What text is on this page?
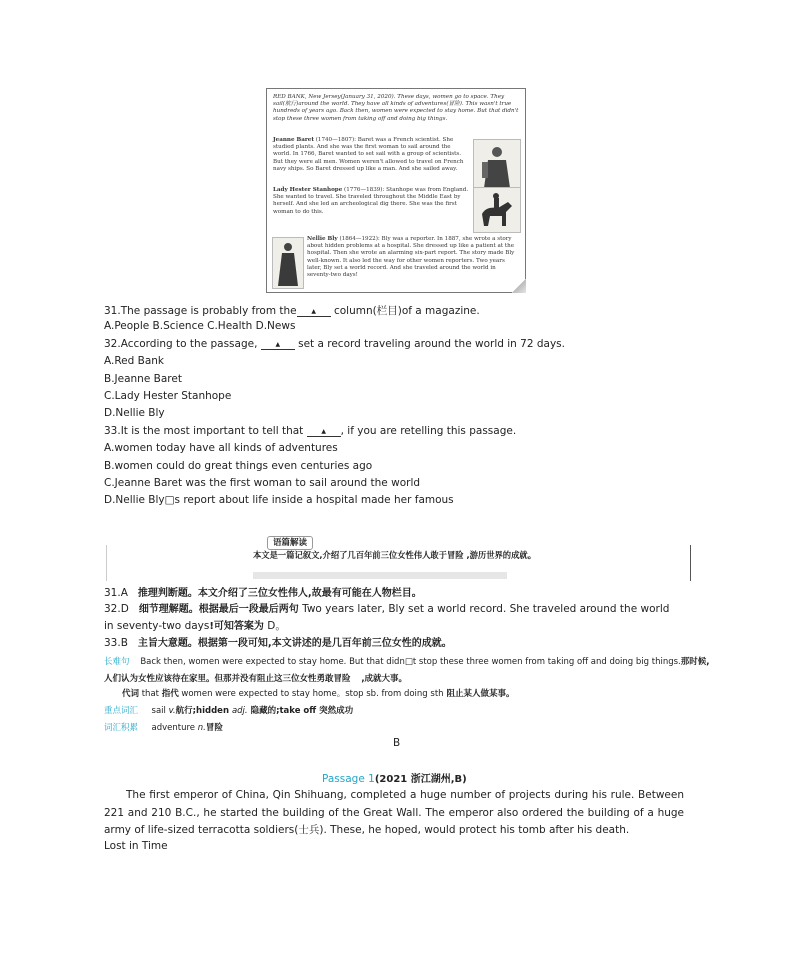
RED BANK, New Jersey(January 31, 2020). These days, women go to space. They sail(航行)around the world. They have all kinds of adventures(冒险). This wasn't true hundreds of years ago. Back then, women were expected to stay home. But that didn't stop these three women from taking off and doing big things.
Jeanne Baret (1740—1807): Baret was a French scientist. She studied plants. And she was the first woman to sail around the world. In 1766, Baret wanted to set sail with a group of scientists. But they were all men. Women weren't allowed to travel on French navy ships. So Baret dressed up like a man. And she sailed away.
Lady Hester Stanhope (1776—1839): Stanhope was from England. She wanted to travel. She traveled throughout the Middle East by herself. And she led an archeological dig there. She was the first woman to do this.
Nellie Bly (1864—1922): Bly was a reporter. In 1887, she wrote a story about hidden problems at a hospital. She dressed up like a patient at the hospital. Then she wrote an alarming six-part report. The story made Bly well-known. It also led the way for other women reporters. Two years later, Bly set a world record. And she traveled around the world in seventy-two days!
31.The passage is probably from the ▲ column(栏目)of a magazine.
A.People B.Science C.Health D.News
32.According to the passage, ▲ set a record traveling around the world in 72 days.
A.Red Bank
B.Jeanne Baret
C.Lady Hester Stanhope
D.Nellie Bly
33.It is the most important to tell that ▲ , if you are retelling this passage.
A.women today have all kinds of adventures
B.women could do great things even centuries ago
C.Jeanne Baret was the first woman to sail around the world
D.Nellie Bly□s report about life inside a hospital made her famous
语篇解读
本文是一篇记叙文,介绍了几百年前三位女性伟人敢于冒险 ,游历世界的成就。
31.A 推理判断题。本文介绍了三位女性伟人,故最有可能在人物栏目。
32.D 细节理解题。根据最后一段最后两句 Two years later, Bly set a world record. She traveled around the world
in seventy-two days!可知答案为 D。
33.B 主旨大意题。根据第一段可知,本文讲述的是几百年前三位女性的成就。
长难句 Back then, women were expected to stay home. But that didn□t stop these three women from taking off and doing big things.那时候,
人们认为女性应该待在家里。但那并没有阻止这三位女性勇敢冒险 ,成就大事。
代词 that 指代 women were expected to stay home。stop sb. from doing sth 阻止某人做某事。
重点词汇 sail v.航行;hidden adj. 隐藏的;take off 突然成功
词汇积累 adventure n.冒险
B
Passage 1(2021 浙江湖州,B)
The first emperor of China, Qin Shihuang, completed a huge number of projects during his rule. Between 221 and 210 B.C., he started the building of the Great Wall. The emperor also ordered the building of a huge army of life-sized terracotta soldiers(士兵). These, he hoped, would protect his tomb after his death.
Lost in Time
